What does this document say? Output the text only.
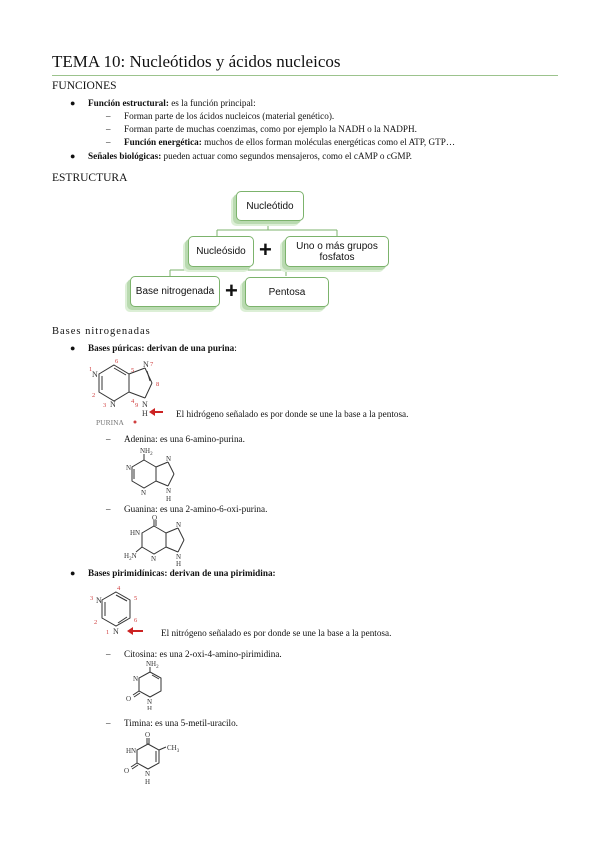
TEMA 10: Nucleótidos y ácidos nucleicos
FUNCIONES
● Función estructural: es la función principal:
– Forman parte de los ácidos nucleicos (material genético).
– Forman parte de muchas coenzimas, como por ejemplo la NADH o la NADPH.
– Función energética: muchos de ellos forman moléculas energéticas como el ATP, GTP…
● Señales biológicas: pueden actuar como segundos mensajeros, como el cAMP o cGMP.
ESTRUCTURA
Nucleótido
Nucleósido +	Uno o más grupos fosfatos
Base nitrogenada +	Pentosa
Bases nitrogenadas
● Bases púricas: derivan de una purina:
N
N
N
N
H
6
1
2
3
4
5
7
8
9
PURINA
El hidrógeno señalado es por donde se une la base a la pentosa.
– Adenina: es una 6-amino-purina.
$NH_2$
N
N
N
N
H
– Guanina: es una 2-amino-6-oxi-purina.
O
HN
N
N
N
H
$H_2N$
● Bases pirimidínicas: derivan de una pirimidina:
N
N
3
2
1
4
5
6
El nitrógeno señalado es por donde se une la base a la pentosa.
– Citosina: es una 2-oxi-4-amino-pirimidina.
$NH_2$
N
O N
H
– Timina: es una 5-metil-uracilo.
O
HN	$CH_3$
O N
H
